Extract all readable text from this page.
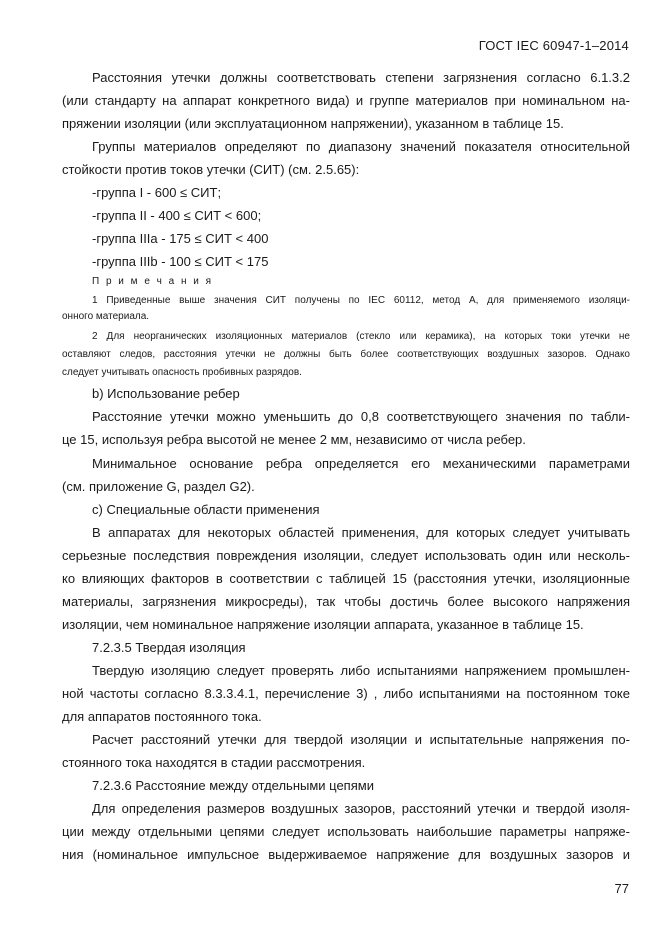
ГОСТ IEC 60947-1–2014
Расстояния утечки должны соответствовать степени загрязнения согласно 6.1.3.2
(или стандарту на аппарат конкретного вида) и группе материалов при номинальном на-
пряжении изоляции (или эксплуатационном напряжении), указанном в таблице 15.
Группы материалов определяют по диапазону значений показателя относительной
стойкости против токов утечки (СИТ) (см. 2.5.65):
-группа I - 600 ≤ СИТ;
-группа II - 400 ≤ СИТ < 600;
-группа IIIa - 175 ≤ СИТ < 400
-группа IIIb - 100 ≤ СИТ < 175
П р и м е ч а н и я
1 Приведенные выше значения СИТ получены по IEC 60112, метод А, для применяемого изоляци-
онного материала.
2 Для неорганических изоляционных материалов (стекло или керамика), на которых токи утечки не
оставляют следов, расстояния утечки не должны быть более соответствующих воздушных зазоров. Однако
следует учитывать опасность пробивных разрядов.
b) Использование ребер
Расстояние утечки можно уменьшить до 0,8 соответствующего значения по табли-
це 15, используя ребра высотой не менее 2 мм, независимо от числа ребер.
Минимальное основание ребра определяется его механическими параметрами
(см. приложение G, раздел G2).
c) Специальные области применения
В аппаратах для некоторых областей применения, для которых следует учитывать
серьезные последствия повреждения изоляции, следует использовать один или несколь-
ко влияющих факторов в соответствии с таблицей 15 (расстояния утечки, изоляционные
материалы, загрязнения микросреды), так чтобы достичь более высокого напряжения
изоляции, чем номинальное напряжение изоляции аппарата, указанное в таблице 15.
7.2.3.5 Твердая изоляция
Твердую изоляцию следует проверять либо испытаниями напряжением промышлен-
ной частоты согласно 8.3.3.4.1, перечисление 3) , либо испытаниями на постоянном токе
для аппаратов постоянного тока.
Расчет расстояний утечки для твердой изоляции и испытательные напряжения по-
стоянного тока находятся в стадии рассмотрения.
7.2.3.6 Расстояние между отдельными цепями
Для определения размеров воздушных зазоров, расстояний утечки и твердой изоля-
ции между отдельными цепями следует использовать наибольшие параметры напряже-
ния (номинальное импульсное выдерживаемое напряжение для воздушных зазоров и
77
